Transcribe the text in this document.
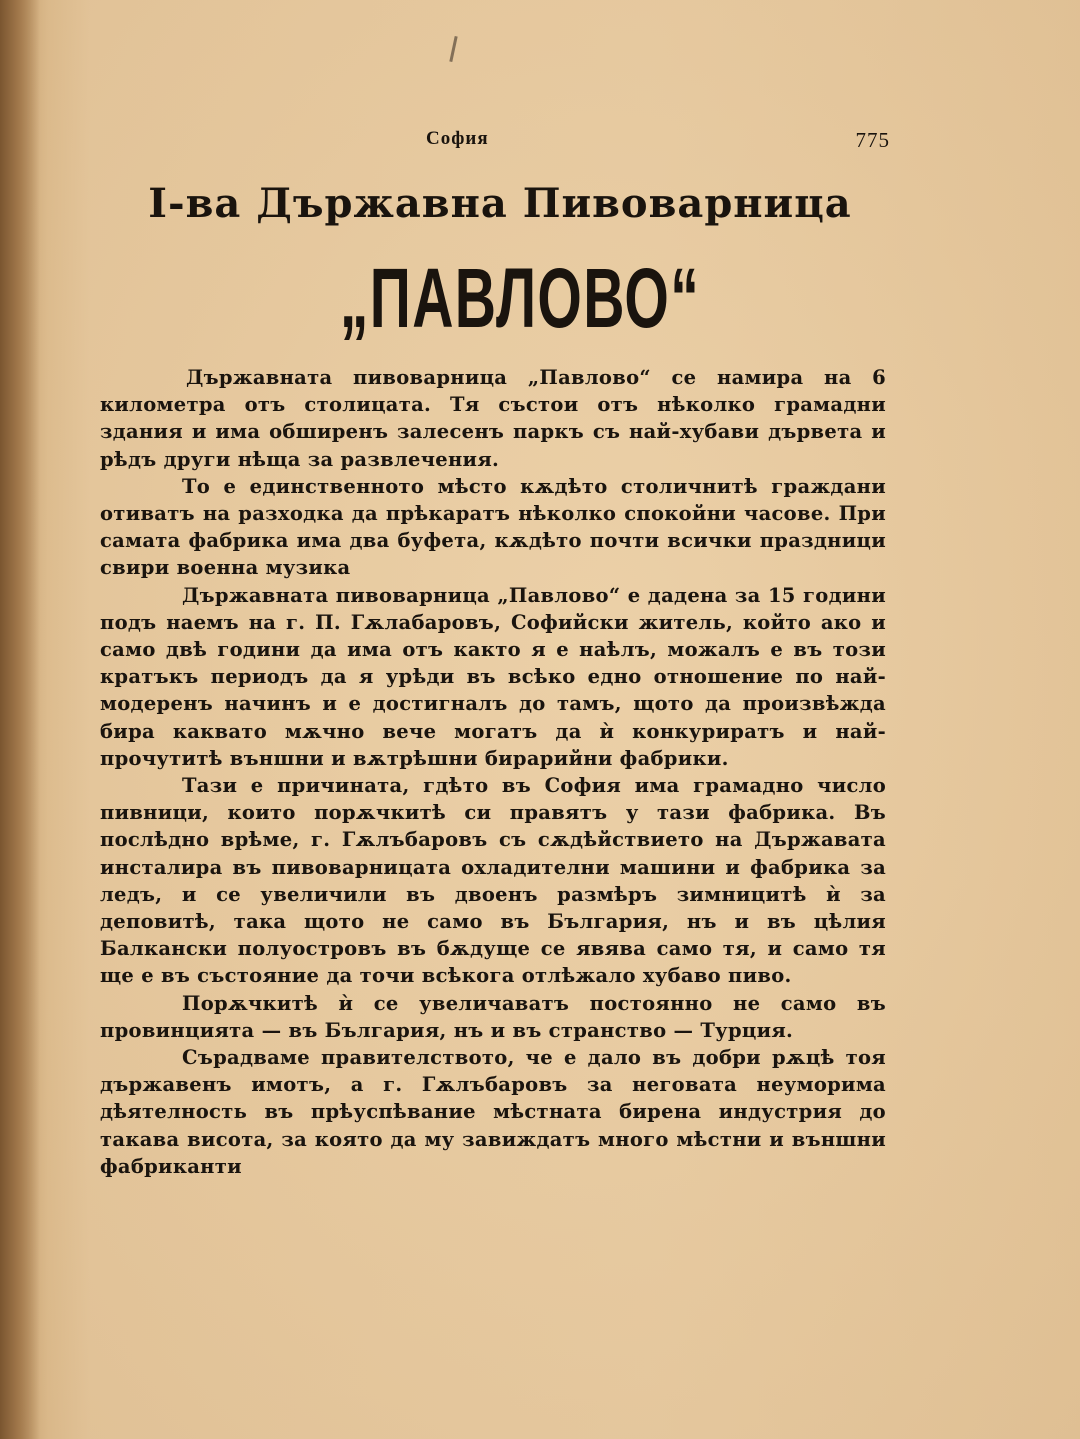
София	775
I-ва Държавна Пивоварница
„ПАВЛОВО“

Държавната пивоварница „Павлово“ се намира на 6 километра отъ столицата. Тя състои отъ нѣколко грамадни здания и има обширенъ залесенъ паркъ съ най-хубави дървета и рѣдъ други нѣща за развлечения.

То е единственното мѣсто кѫдѣто столичнитѣ граждани отиватъ на разходка да прѣкаратъ нѣколко спокойни часове. При самата фабрика има два буфета, кѫдѣто почти всички праздници свири военна музика

Държавната пивоварница „Павлово“ е дадена за 15 години подъ наемъ на г. П. Гѫлабаровъ, Софийски житель, който ако и само двѣ години да има отъ както я е наѣлъ, можалъ е въ този кратъкъ периодъ да я урѣди въ всѣко едно отношение по най-модеренъ начинъ и е достигналъ до тамъ, щото да произвѣжда бира каквато мѫчно вече могатъ да ѝ конкуриратъ и най-прочутитѣ външни и вѫтрѣшни бирарийни фабрики.

Тази е причината, гдѣто въ София има грамадно число пивници, които порѫчкитѣ си правятъ у тази фабрика. Въ послѣдно врѣме, г. Гѫлъбаровъ съ сѫдѣйствието на Държавата инсталира въ пивоварницата охладителни машини и фабрика за ледъ, и се увеличили въ двоенъ размѣръ зимницитѣ ѝ за деповитѣ, така щото не само въ България, нъ и въ цѣлия Балкански полуостровъ въ бѫдуще се явява само тя, и само тя ще е въ състояние да точи всѣкога отлѣжало хубаво пиво.

Порѫчкитѣ ѝ се увеличаватъ постоянно не само въ провинцията — въ България, нъ и въ странство — Турция.

Сърадваме правителството, че е дало въ добри рѫцѣ тоя държавенъ имотъ, а г. Гѫлъбаровъ за неговата неуморима дѣятелность въ прѣуспѣвание мѣстната бирена индустрия до такава висота, за която да му завиждатъ много мѣстни и външни фабриканти
